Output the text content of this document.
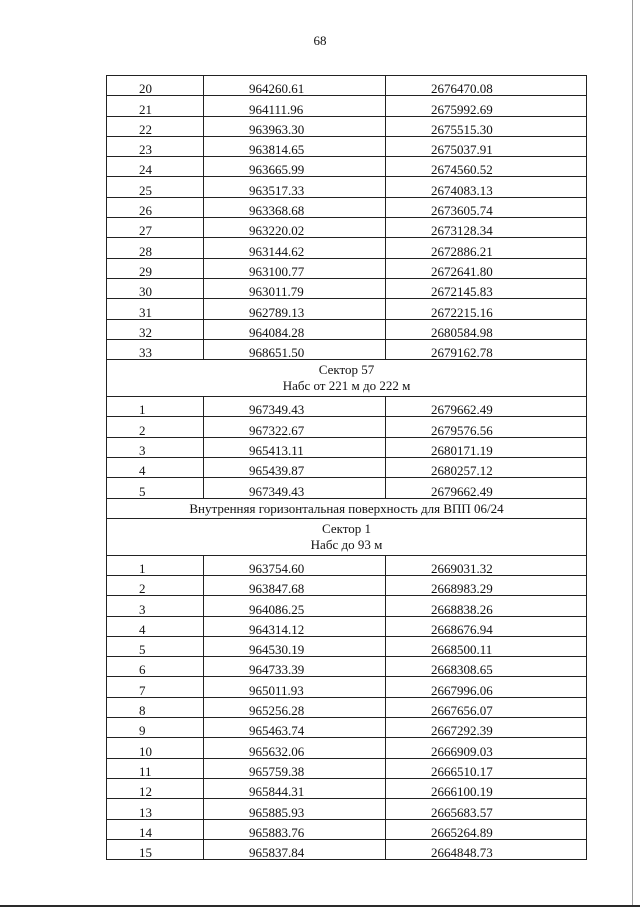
68
20	964260.61	2676470.08
21	964111.96	2675992.69
22	963963.30	2675515.30
23	963814.65	2675037.91
24	963665.99	2674560.52
25	963517.33	2674083.13
26	963368.68	2673605.74
27	963220.02	2673128.34
28	963144.62	2672886.21
29	963100.77	2672641.80
30	963011.79	2672145.83
31	962789.13	2672215.16
32	964084.28	2680584.98
33	968651.50	2679162.78

Сектор 57
Набс от 221 м до 222 м		

1	967349.43	2679662.49
2	967322.67	2679576.56
3	965413.11	2680171.19
4	965439.87	2680257.12
5	967349.43	2679662.49
Внутренняя горизонтальная поверхность для ВПП 06/24		

Сектор 1
Набс до 93 м		

1	963754.60	2669031.32
2	963847.68	2668983.29
3	964086.25	2668838.26
4	964314.12	2668676.94
5	964530.19	2668500.11
6	964733.39	2668308.65
7	965011.93	2667996.06
8	965256.28	2667656.07
9	965463.74	2667292.39
10	965632.06	2666909.03
11	965759.38	2666510.17
12	965844.31	2666100.19
13	965885.93	2665683.57
14	965883.76	2665264.89
15	965837.84	2664848.73
